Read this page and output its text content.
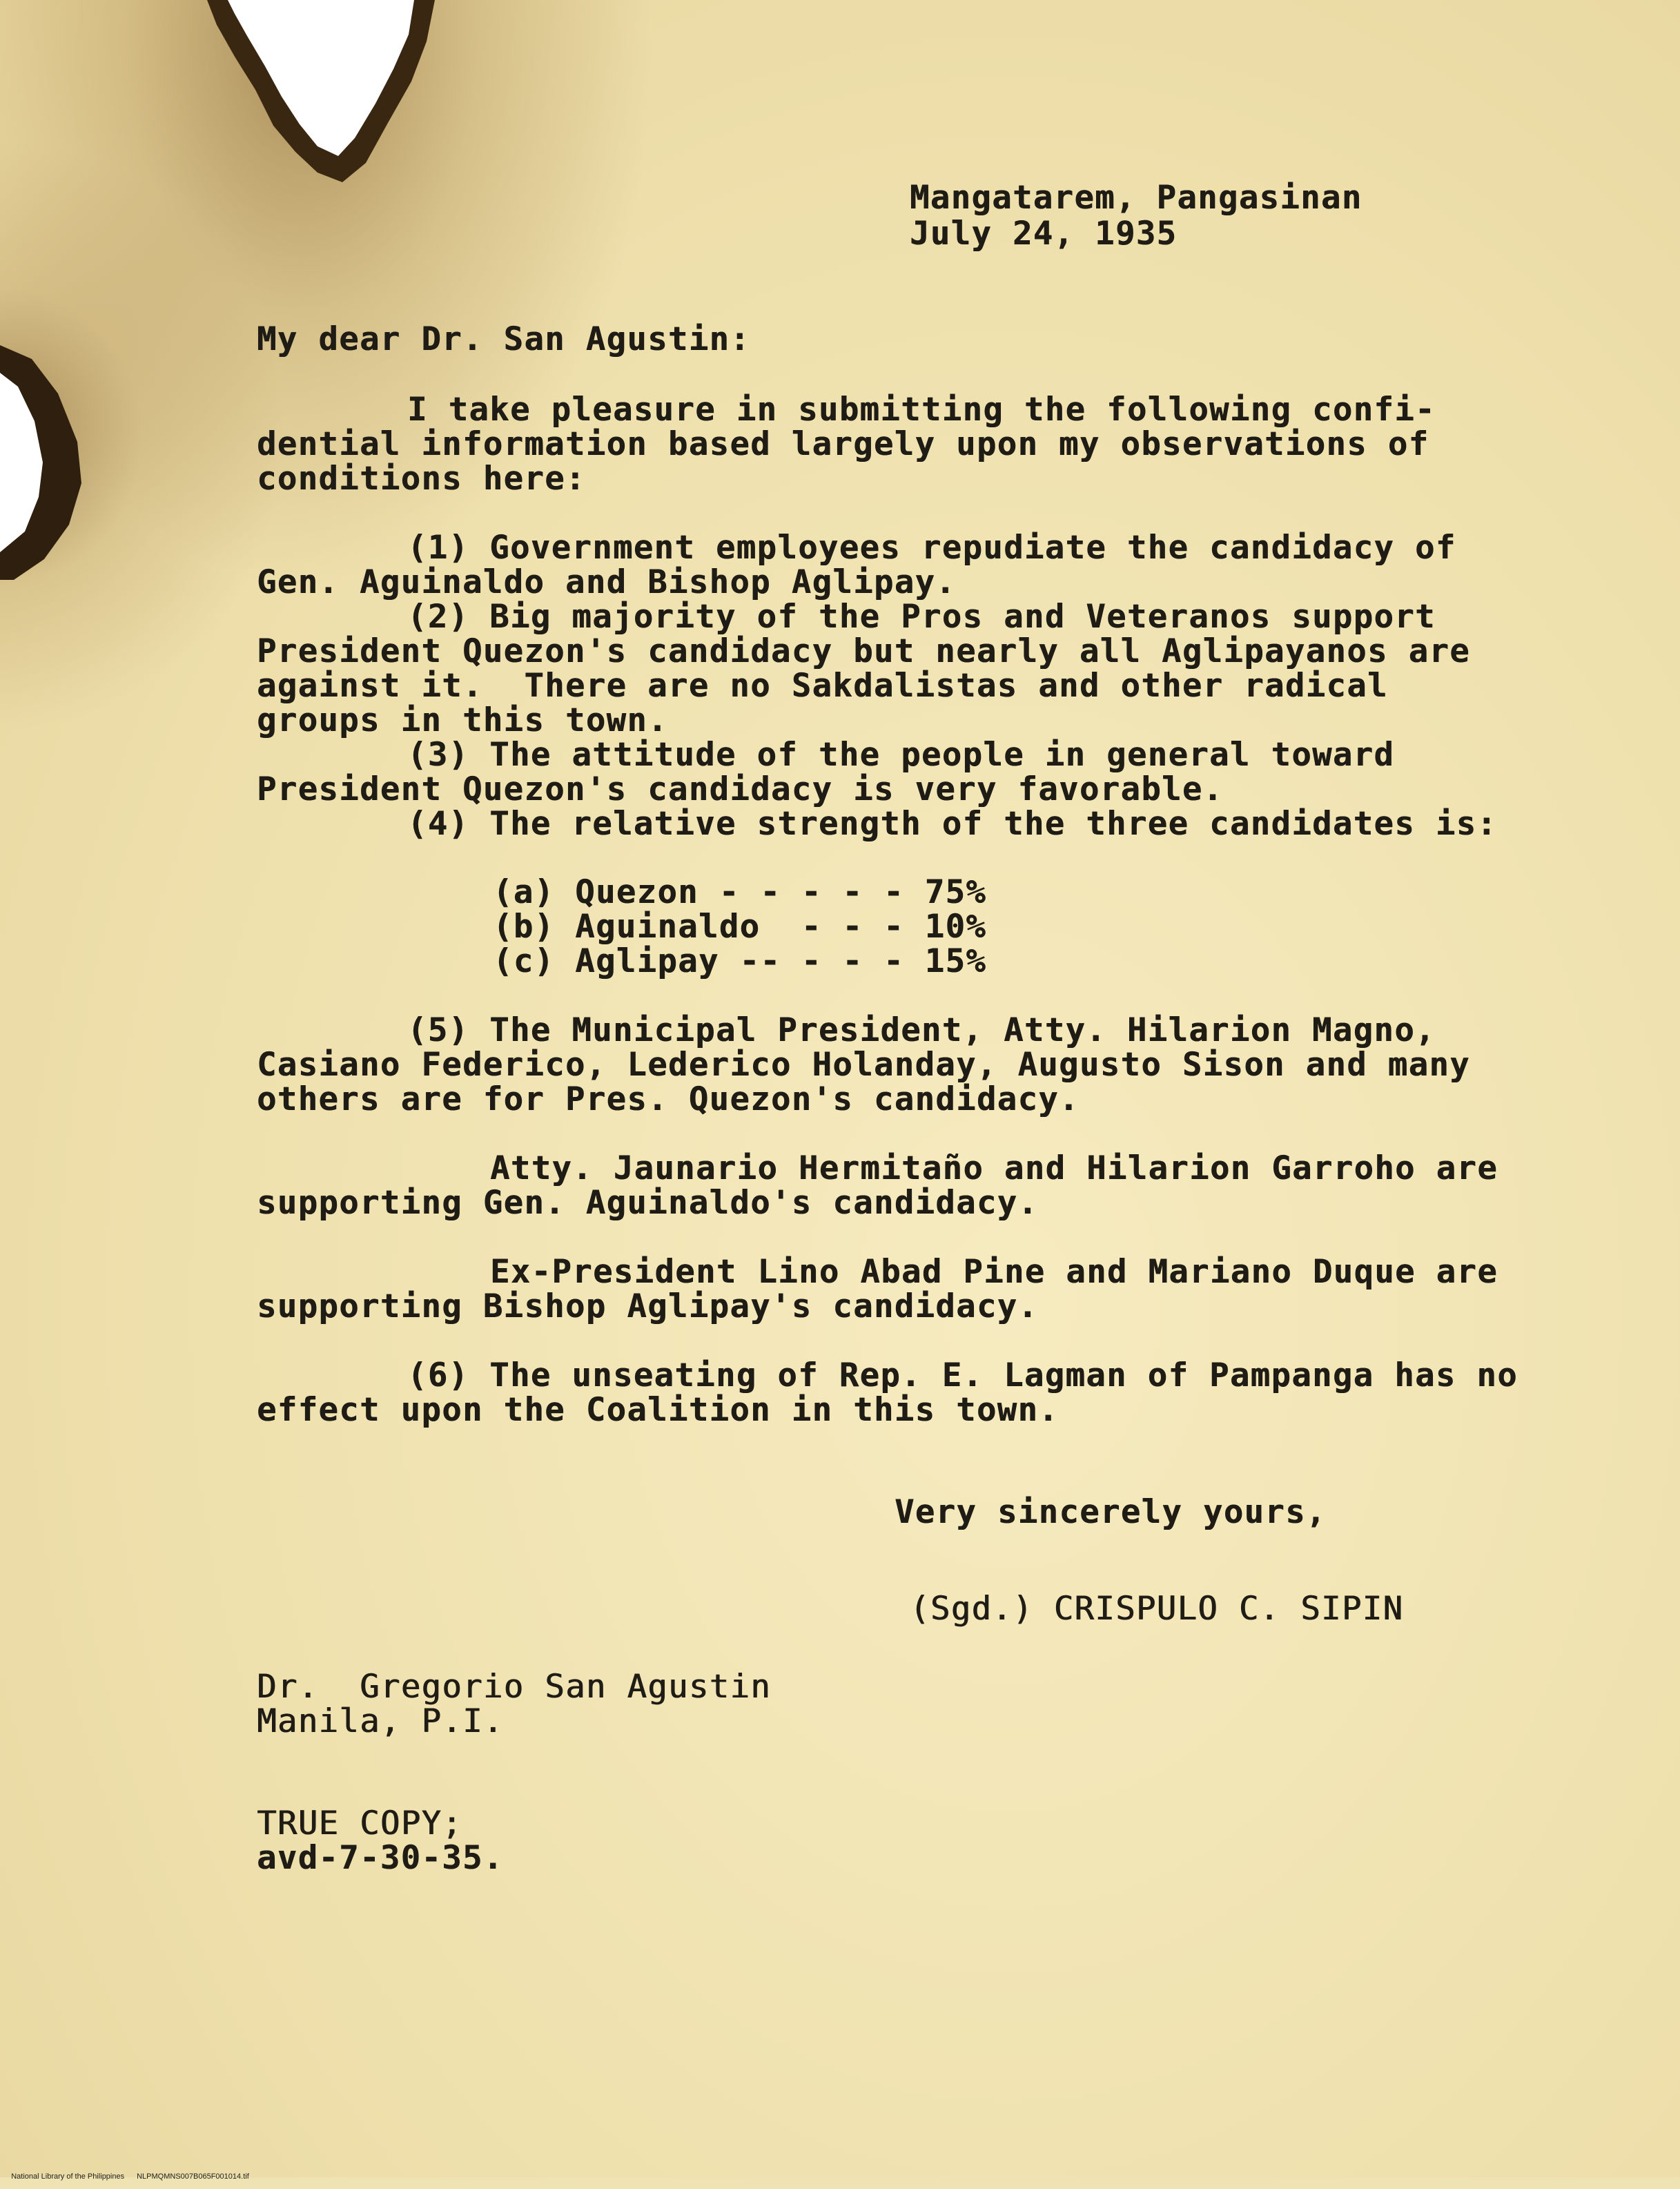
Mangatarem, Pangasinan
July 24, 1935
My dear Dr. San Agustin:
I take pleasure in submitting the following confi-
dential information based largely upon my observations of
conditions here:
(1) Government employees repudiate the candidacy of
Gen. Aguinaldo and Bishop Aglipay.
(2) Big majority of the Pros and Veteranos support
President Quezon's candidacy but nearly all Aglipayanos are
against it.  There are no Sakdalistas and other radical
groups in this town.
(3) The attitude of the people in general toward
President Quezon's candidacy is very favorable.
(4) The relative strength of the three candidates is:
(a) Quezon - - - - - 75%
(b) Aguinaldo  - - - 10%
(c) Aglipay -- - - - 15%
(5) The Municipal President, Atty. Hilarion Magno,
Casiano Federico, Lederico Holanday, Augusto Sison and many
others are for Pres. Quezon's candidacy.
Atty. Jaunario Hermitaño and Hilarion Garroho are
supporting Gen. Aguinaldo's candidacy.
Ex-President Lino Abad Pine and Mariano Duque are
supporting Bishop Aglipay's candidacy.
(6) The unseating of Rep. E. Lagman of Pampanga has no
effect upon the Coalition in this town.
Very sincerely yours,
(Sgd.) CRISPULO C. SIPIN
Dr.  Gregorio San Agustin
Manila, P.I.
TRUE COPY;
avd-7-30-35.

National Library of the Philippines NLPMQMNS007B065F001014.tif
